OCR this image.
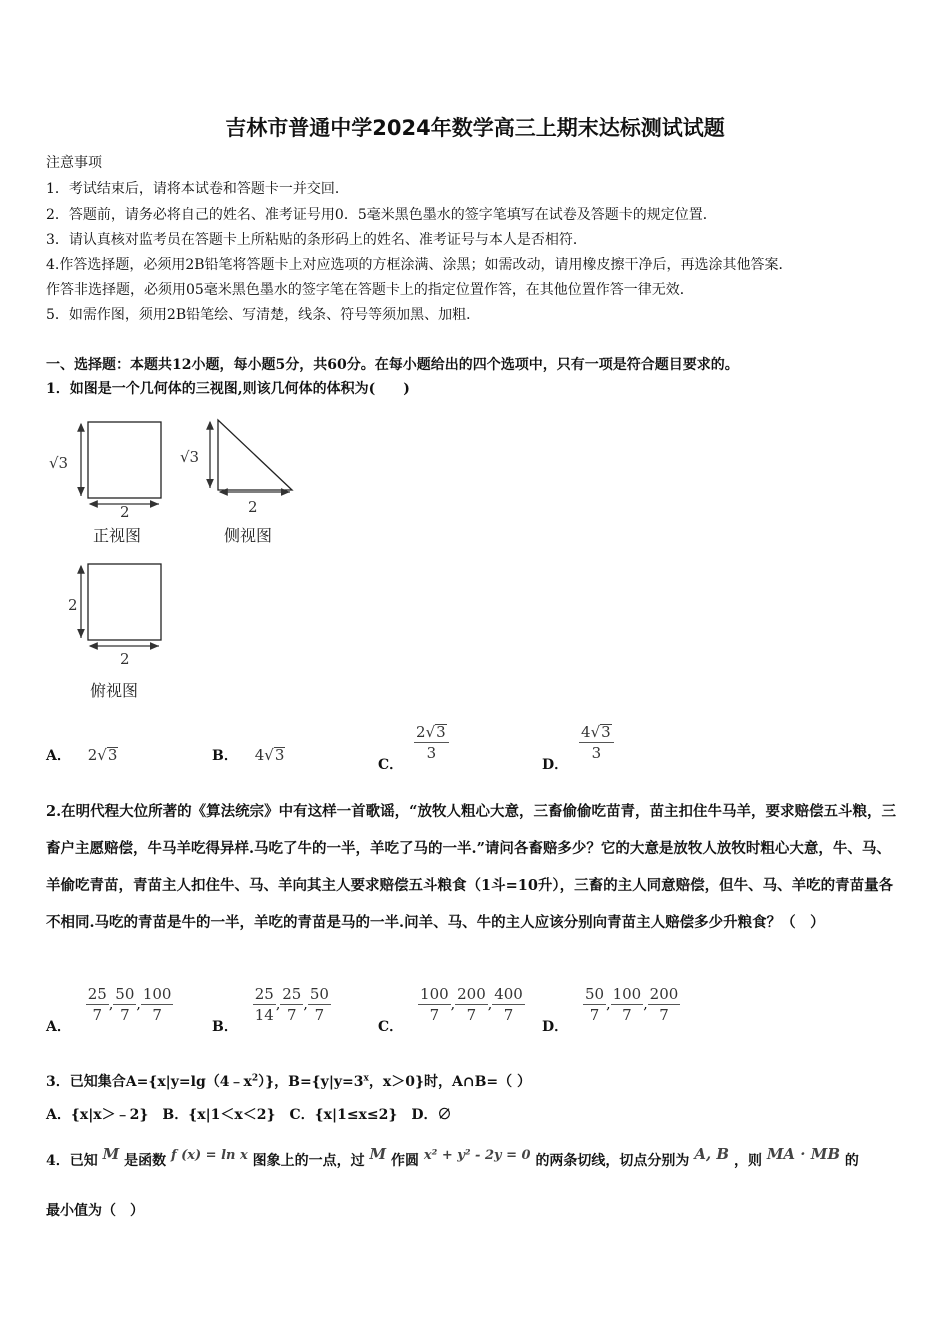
吉林市普通中学2024年数学高三上期末达标测试试题
注意事项
1．考试结束后，请将本试卷和答题卡一并交回．
2．答题前，请务必将自己的姓名、准考证号用0．5毫米黑色墨水的签字笔填写在试卷及答题卡的规定位置．
3．请认真核对监考员在答题卡上所粘贴的条形码上的姓名、准考证号与本人是否相符．
4.作答选择题，必须用2B铅笔将答题卡上对应选项的方框涂满、涂黑；如需改动，请用橡皮擦干净后，再选涂其他答案．
作答非选择题，必须用05毫米黑色墨水的签字笔在答题卡上的指定位置作答，在其他位置作答一律无效．
5．如需作图，须用2B铅笔绘、写清楚，线条、符号等须加黑、加粗．
一、选择题：本题共12小题，每小题5分，共60分。在每小题给出的四个选项中，只有一项是符合题目要求的。
1．如图是一个几何体的三视图,则该几何体的体积为(　　)
√3
2
√3
2
2
2
正视图	侧视图
俯视图
A． 2√3	B． 4√3
C．
$\frac{2√3}{3}$
D．
$\frac{4√3}{3}$
2.在明代程大位所著的《算法统宗》中有这样一首歌谣，“放牧人粗心大意，三畜偷偷吃苗青，苗主扣住牛马羊，要求赔偿五斗粮，三畜户主愿赔偿，牛马羊吃得异样.马吃了牛的一半，羊吃了马的一半.”请问各畜赔多少？它的大意是放牧人放牧时粗心大意，牛、马、羊偷吃青苗，青苗主人扣住牛、马、羊向其主人要求赔偿五斗粮食（1斗=10升），三畜的主人同意赔偿，但牛、马、羊吃的青苗量各不相同.马吃的青苗是牛的一半，羊吃的青苗是马的一半.问羊、马、牛的主人应该分别向青苗主人赔偿多少升粮食？（　）
A．
$\frac{25}{7}$ , $\frac{50}{7}$ , $\frac{100}{7}$
B．
$\frac{25}{14}$ , $\frac{25}{7}$ , $\frac{50}{7}$
C．
$\frac{100}{7}$ , $\frac{200}{7}$ , $\frac{400}{7}$
D．
$\frac{50}{7}$ , $\frac{100}{7}$ , $\frac{200}{7}$
3．已知集合$A=\{x|y=\lg(4﹣x^2)\}$，$B=\{y|y=3^x$，x＞0}时，A∩B=（ ）
A．{x|x＞﹣2}　B．{x|1＜x＜2}　C．{x|1≤x≤2}　D．∅
4．已知 M 是函数 f (x) = ln x 图象上的一点，过 M 作圆 x² + y² - 2y = 0 的两条切线，切点分别为 A, B ，则 MA · MB 的
最小值为（　）
